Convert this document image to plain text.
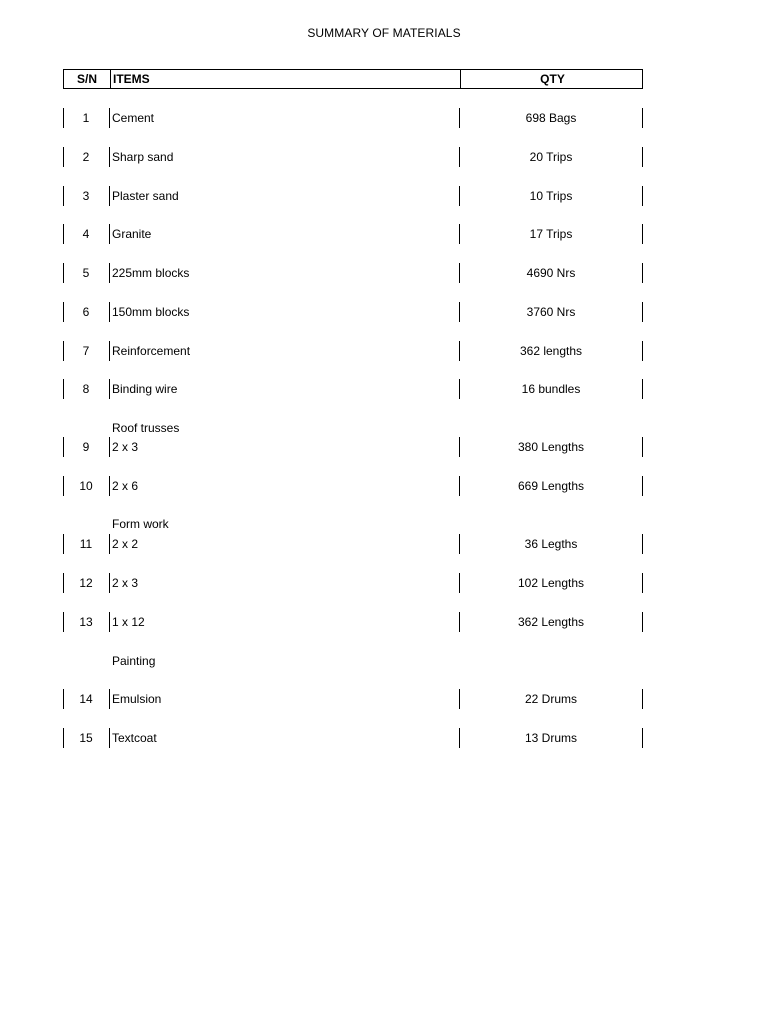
SUMMARY OF MATERIALS
S/N	ITEMS	QTY
1	Cement	698 Bags
2	Sharp sand	20 Trips
3	Plaster sand	10 Trips
4	Granite	17 Trips
5	225mm blocks	4690 Nrs
6	150mm blocks	3760 Nrs
7	Reinforcement	362 lengths
8	Binding wire	16 bundles
Roof trusses
9	2 x 3	380 Lengths
10	2 x 6	669 Lengths
Form work
11	2 x 2	36 Legths
12	2 x 3	102 Lengths
13	1 x 12	362 Lengths
Painting
14	Emulsion	22 Drums
15	Textcoat	13 Drums
